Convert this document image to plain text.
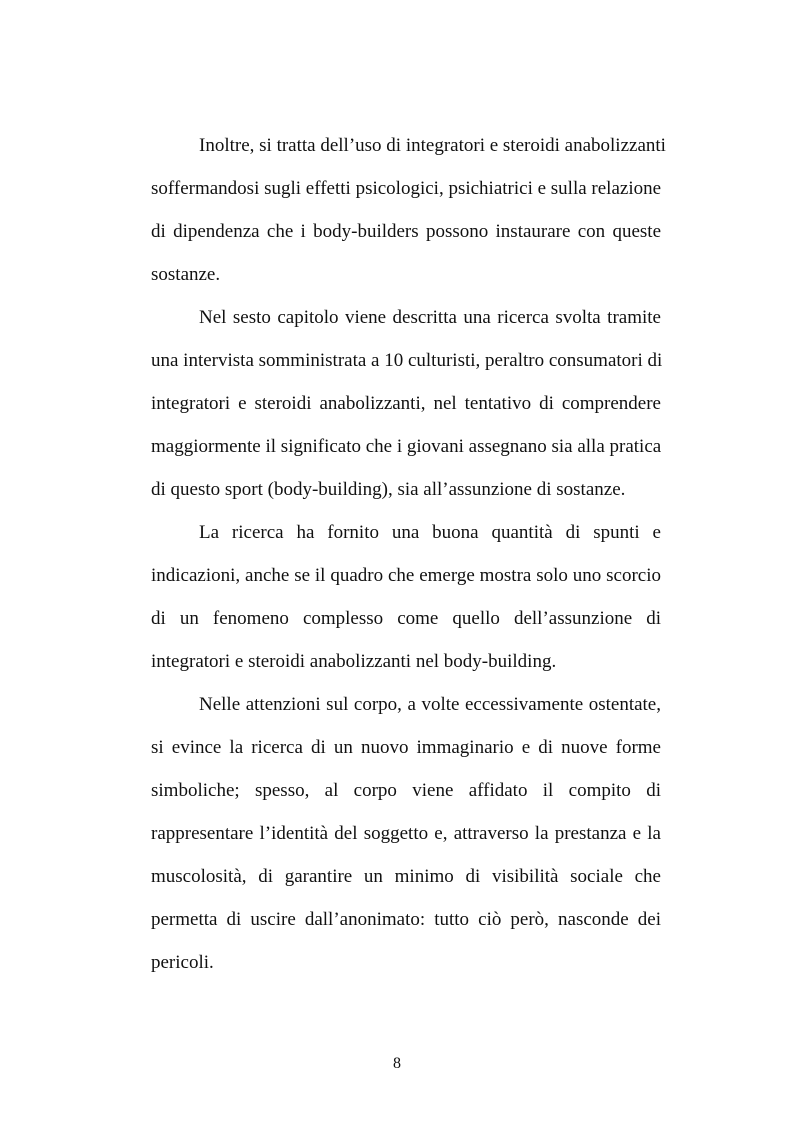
Inoltre, si tratta dell’uso di integratori e steroidi anabolizzanti
soffermandosi sugli effetti psicologici, psichiatrici e sulla relazione
di dipendenza che i body-builders possono instaurare con queste
sostanze.
Nel sesto capitolo viene descritta una ricerca svolta tramite
una intervista somministrata a 10 culturisti, peraltro consumatori di
integratori e steroidi anabolizzanti, nel tentativo di comprendere
maggiormente il significato che i giovani assegnano sia alla pratica
di questo sport (body-building), sia all’assunzione di sostanze.
La ricerca ha fornito una buona quantità di spunti e
indicazioni, anche se il quadro che emerge mostra solo uno scorcio
di un fenomeno complesso come quello dell’assunzione di
integratori e steroidi anabolizzanti nel body-building.
Nelle attenzioni sul corpo, a volte eccessivamente ostentate,
si evince la ricerca di un nuovo immaginario e di nuove forme
simboliche; spesso, al corpo viene affidato il compito di
rappresentare l’identità del soggetto e, attraverso la prestanza e la
muscolosità, di garantire un minimo di visibilità sociale che
permetta di uscire dall’anonimato: tutto ciò però, nasconde dei
pericoli.
8
